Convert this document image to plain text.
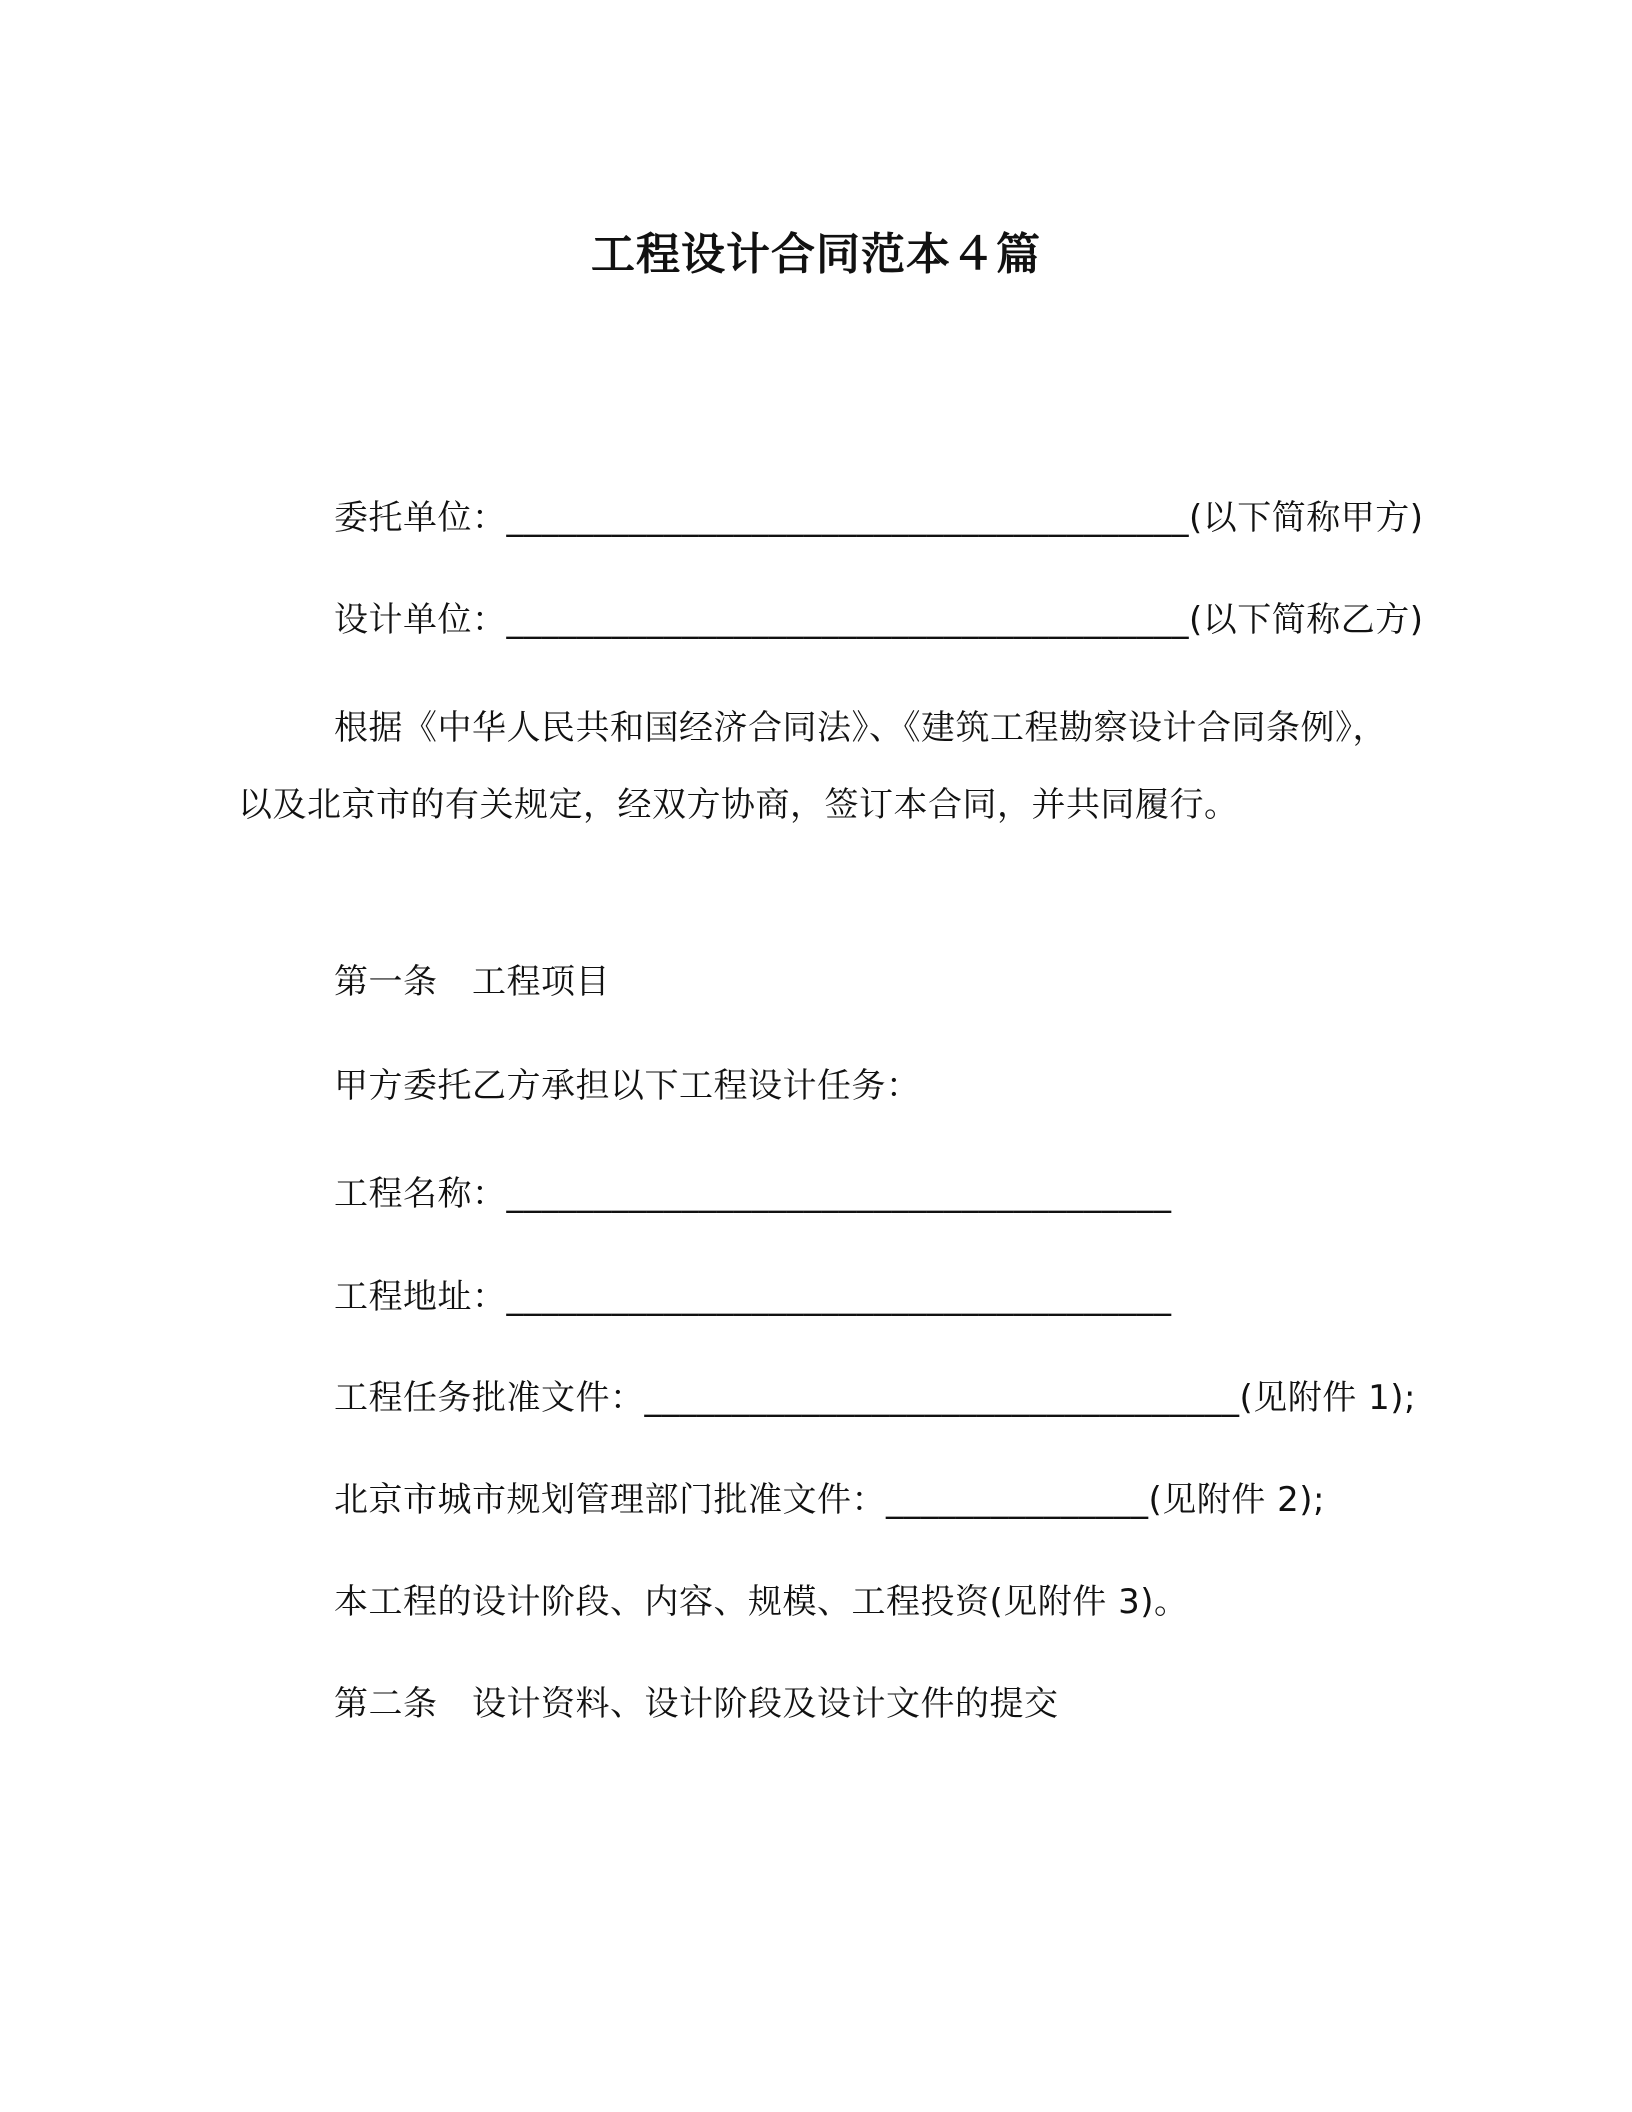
工程设计合同范本４篇
委托单位：_______________________________________(以下简称甲方)
设计单位：_______________________________________(以下简称乙方)
根据《中华人民共和国经济合同法》、《建筑工程勘察设计合同条例》，以及北京市的有关规定，经双方协商，签订本合同，并共同履行。
第一条　工程项目
甲方委托乙方承担以下工程设计任务：
工程名称：______________________________________
工程地址：______________________________________
工程任务批准文件：__________________________________(见附件 1);
北京市城市规划管理部门批准文件：_______________(见附件 2);
本工程的设计阶段、内容、规模、工程投资(见附件 3)。
第二条　设计资料、设计阶段及设计文件的提交
